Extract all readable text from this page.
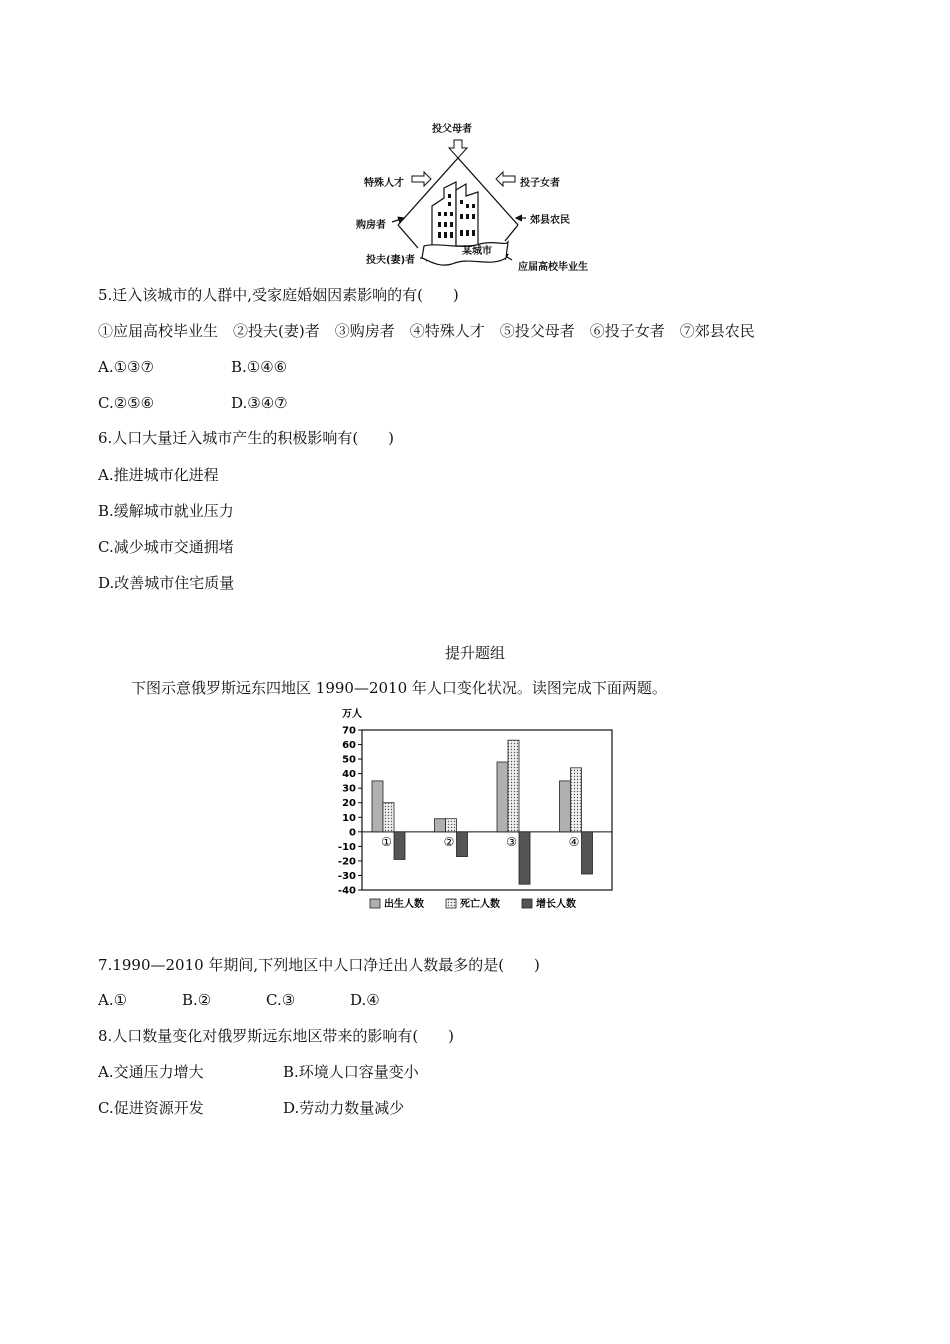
投父母者
特殊人才
购房者
投夫(妻)者
投子女者
郊县农民
应届高校毕业生
某城市
5.迁入该城市的人群中,受家庭婚姻因素影响的有(　　)
①应届高校毕业生　②投夫(妻)者　③购房者　④特殊人才　⑤投父母者　⑥投子女者　⑦郊县农民
A.①③⑦	B.①④⑥
C.②⑤⑥	D.③④⑦
6.人口大量迁入城市产生的积极影响有(　　)
A.推进城市化进程
B.缓解城市就业压力
C.减少城市交通拥堵
D.改善城市住宅质量
提升题组
下图示意俄罗斯远东四地区 1990—2010 年人口变化状况。读图完成下面两题。
万人
70
60
50
40
30
20
10
0
-10
-20
-30
-40
①	②	③	④
出生人数	死亡人数	增长人数
7.1990—2010 年期间,下列地区中人口净迁出人数最多的是(　　)
A.①	B.②	C.③	D.④
8.人口数量变化对俄罗斯远东地区带来的影响有(　　)
A.交通压力增大	B.环境人口容量变小
C.促进资源开发	D.劳动力数量减少
